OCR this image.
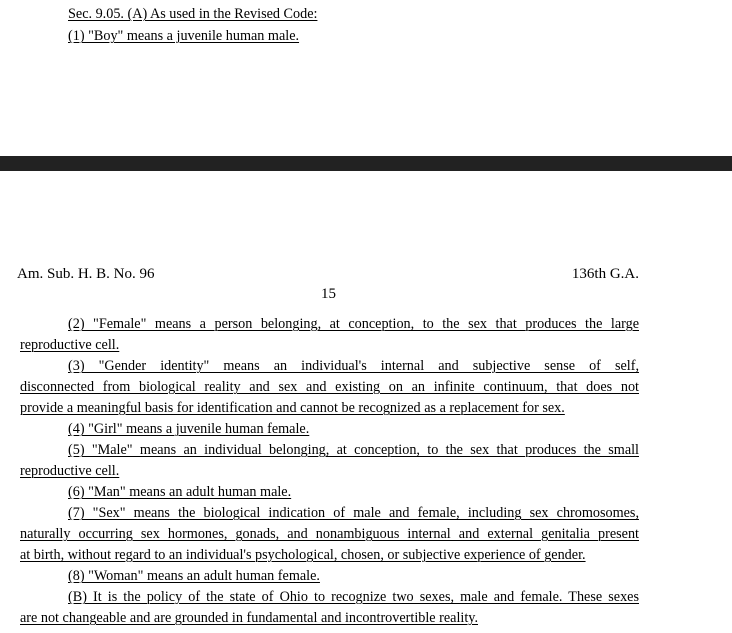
Sec. 9.05. (A) As used in the Revised Code:
(1) "Boy" means a juvenile human male.
Am. Sub. H. B. No. 96	136th G.A.
15
(2) "Female" means a person belonging, at conception, to the sex that produces the large
reproductive cell.
(3) "Gender identity" means an individual's internal and subjective sense of self,
disconnected from biological reality and sex and existing on an infinite continuum, that does not
provide a meaningful basis for identification and cannot be recognized as a replacement for sex.
(4) "Girl" means a juvenile human female.
(5) "Male" means an individual belonging, at conception, to the sex that produces the small
reproductive cell.
(6) "Man" means an adult human male.
(7) "Sex" means the biological indication of male and female, including sex chromosomes,
naturally occurring sex hormones, gonads, and nonambiguous internal and external genitalia present
at birth, without regard to an individual's psychological, chosen, or subjective experience of gender.
(8) "Woman" means an adult human female.
(B) It is the policy of the state of Ohio to recognize two sexes, male and female. These sexes
are not changeable and are grounded in fundamental and incontrovertible reality.
